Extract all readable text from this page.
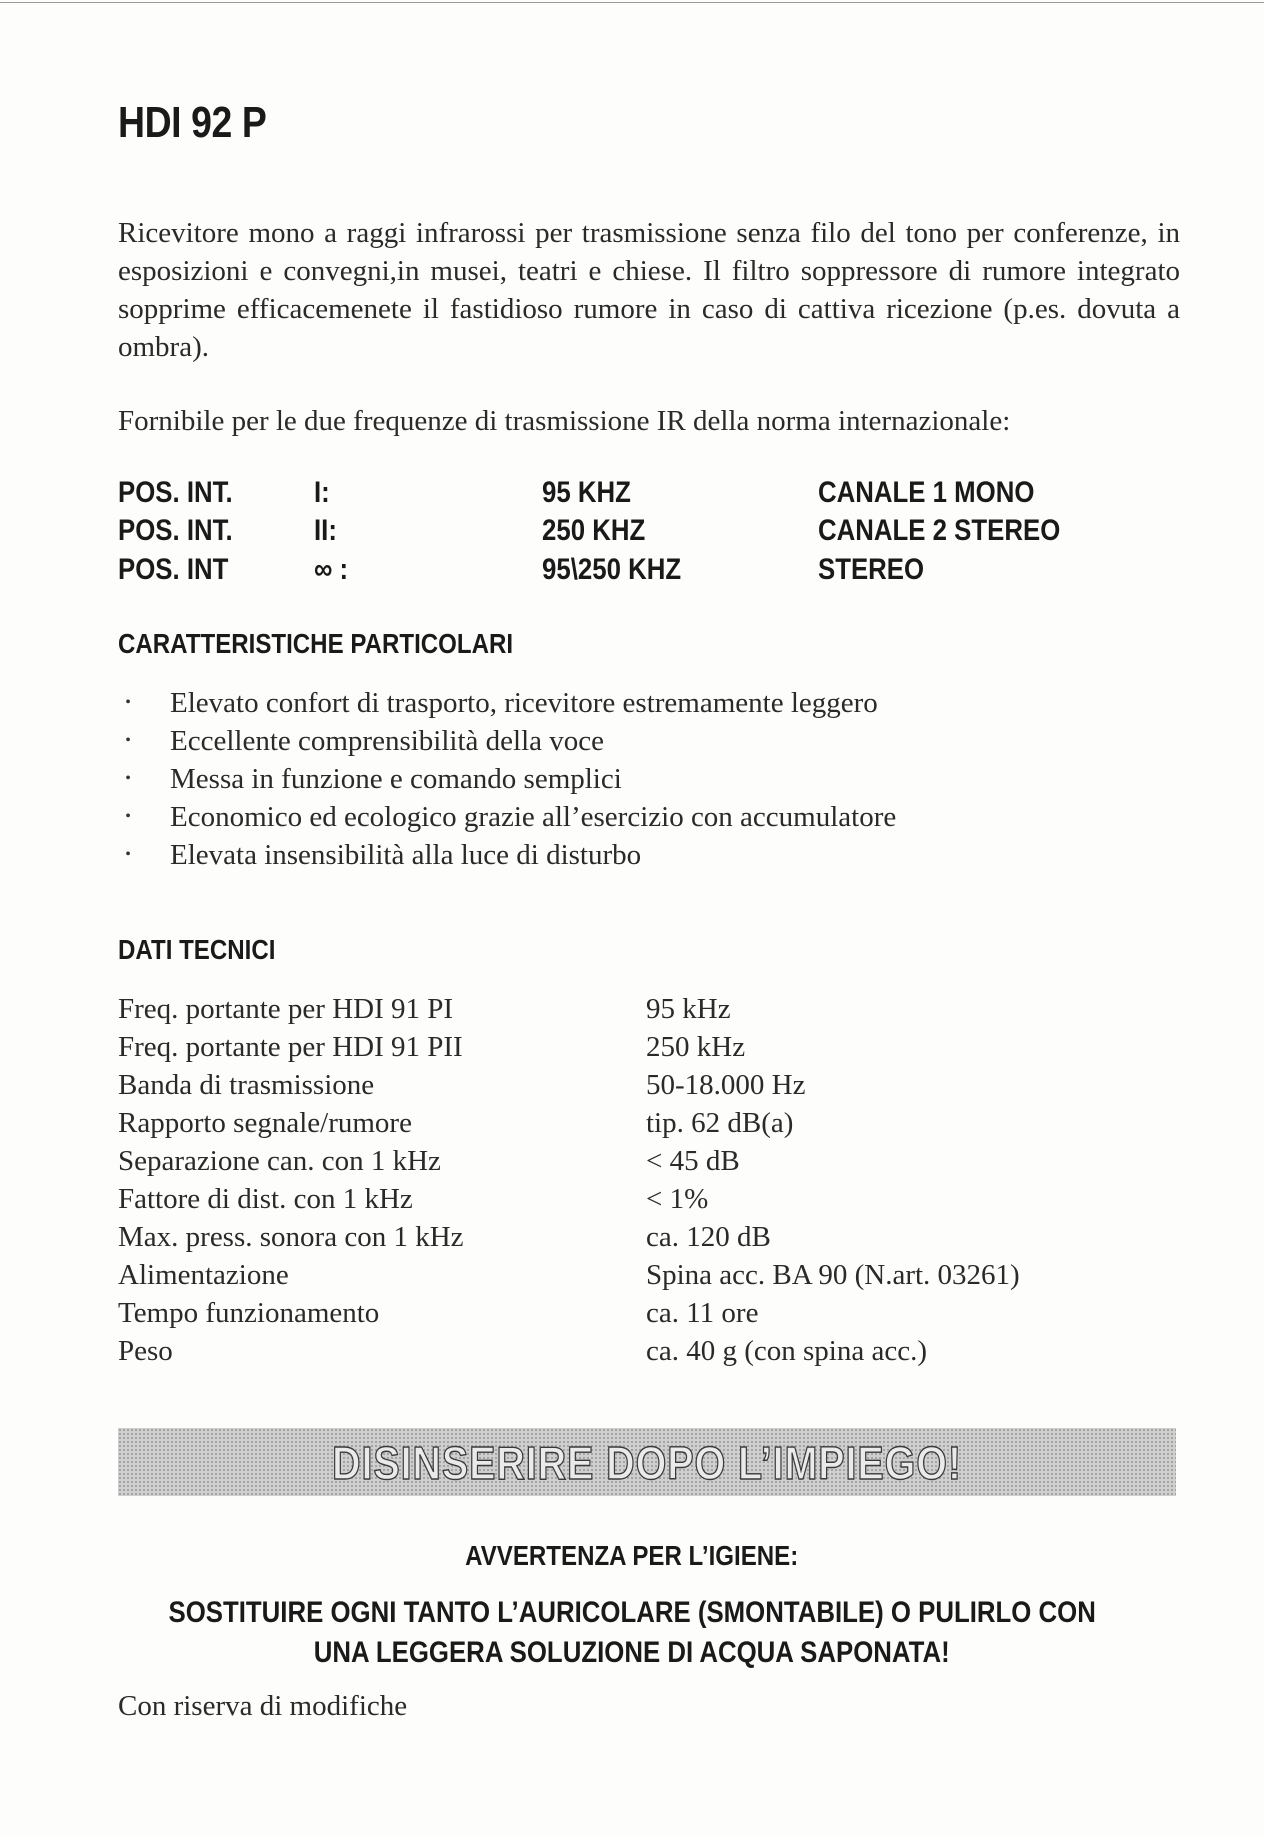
HDI 92 P
Ricevitore mono a raggi infrarossi per trasmissione senza filo del tono per conferenze, in esposizioni e convegni,in musei, teatri e chiese. Il filtro soppressore di rumore integrato sopprime efficacemenete il fastidioso rumore in caso di cattiva ricezione (p.es. dovuta a ombra).
Fornibile per le due frequenze di trasmissione IR della norma internazionale:
POS. INT.	I:	95 KHZ	CANALE 1 MONO
POS. INT.	II:	250 KHZ	CANALE 2 STEREO
POS. INT	∞ :	95\250 KHZ	STEREO
CARATTERISTICHE PARTICOLARI
• Elevato confort di trasporto, ricevitore estremamente leggero
• Eccellente comprensibilità della voce
• Messa in funzione e comando semplici
• Economico ed ecologico grazie all’esercizio con accumulatore
• Elevata insensibilità alla luce di disturbo
DATI TECNICI
Freq. portante per HDI 91 PI	95 kHz
Freq. portante per HDI 91 PII	250 kHz
Banda di trasmissione	50-18.000 Hz
Rapporto segnale/rumore	tip. 62 dB(a)
Separazione can. con 1 kHz	< 45 dB
Fattore di dist. con 1 kHz	< 1%
Max. press. sonora con 1 kHz	ca. 120 dB
Alimentazione	Spina acc. BA 90 (N.art. 03261)
Tempo funzionamento	ca. 11 ore
Peso	ca. 40 g (con spina acc.)
DISINSERIRE DOPO L’IMPIEGO!
AVVERTENZA PER L’IGIENE:
SOSTITUIRE OGNI TANTO L’AURICOLARE (SMONTABILE) O PULIRLO CON
UNA LEGGERA SOLUZIONE DI ACQUA SAPONATA!
Con riserva di modifiche
